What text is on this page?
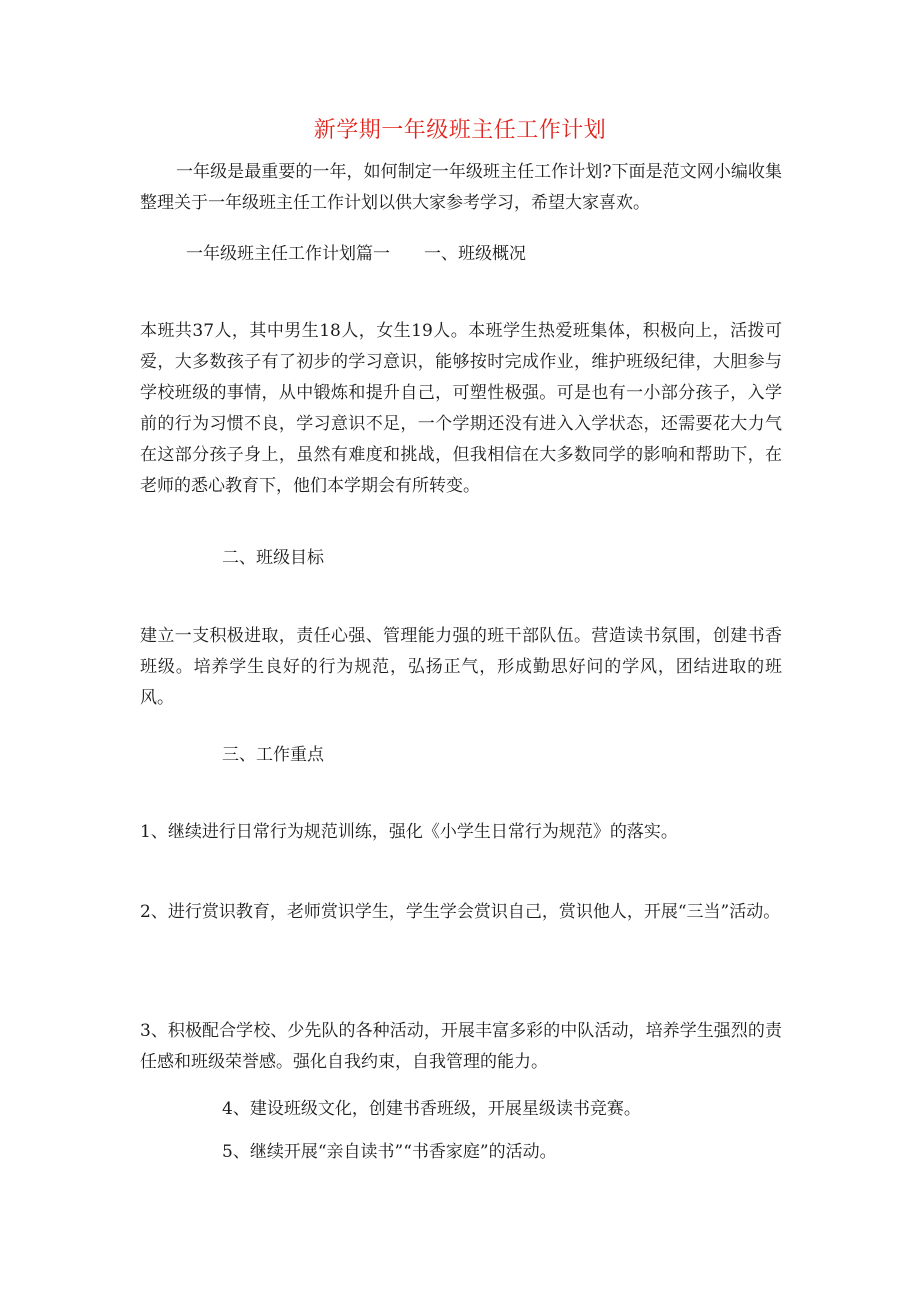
新学期一年级班主任工作计划

一年级是最重要的一年，如何制定一年级班主任工作计划?下面是范文网小编收集整理关于一年级班主任工作计划以供大家参考学习，希望大家喜欢。

一年级班主任工作计划篇一　　一、班级概况

本班共37人，其中男生18人，女生19人。本班学生热爱班集体，积极向上，活拨可爱，大多数孩子有了初步的学习意识，能够按时完成作业，维护班级纪律，大胆参与学校班级的事情，从中锻炼和提升自己，可塑性极强。可是也有一小部分孩子，入学前的行为习惯不良，学习意识不足，一个学期还没有进入入学状态，还需要花大力气在这部分孩子身上，虽然有难度和挑战，但我相信在大多数同学的影响和帮助下，在老师的悉心教育下，他们本学期会有所转变。

二、班级目标

建立一支积极进取，责任心强、管理能力强的班干部队伍。营造读书氛围，创建书香班级。培养学生良好的行为规范，弘扬正气，形成勤思好问的学风，团结进取的班风。

三、工作重点

1、继续进行日常行为规范训练，强化《小学生日常行为规范》的落实。

2、进行赏识教育，老师赏识学生，学生学会赏识自己，赏识他人，开展“三当”活动。

3、积极配合学校、少先队的各种活动，开展丰富多彩的中队活动，培养学生强烈的责任感和班级荣誉感。强化自我约束，自我管理的能力。

4、建设班级文化，创建书香班级，开展星级读书竞赛。

5、继续开展“亲自读书”“书香家庭”的活动。
